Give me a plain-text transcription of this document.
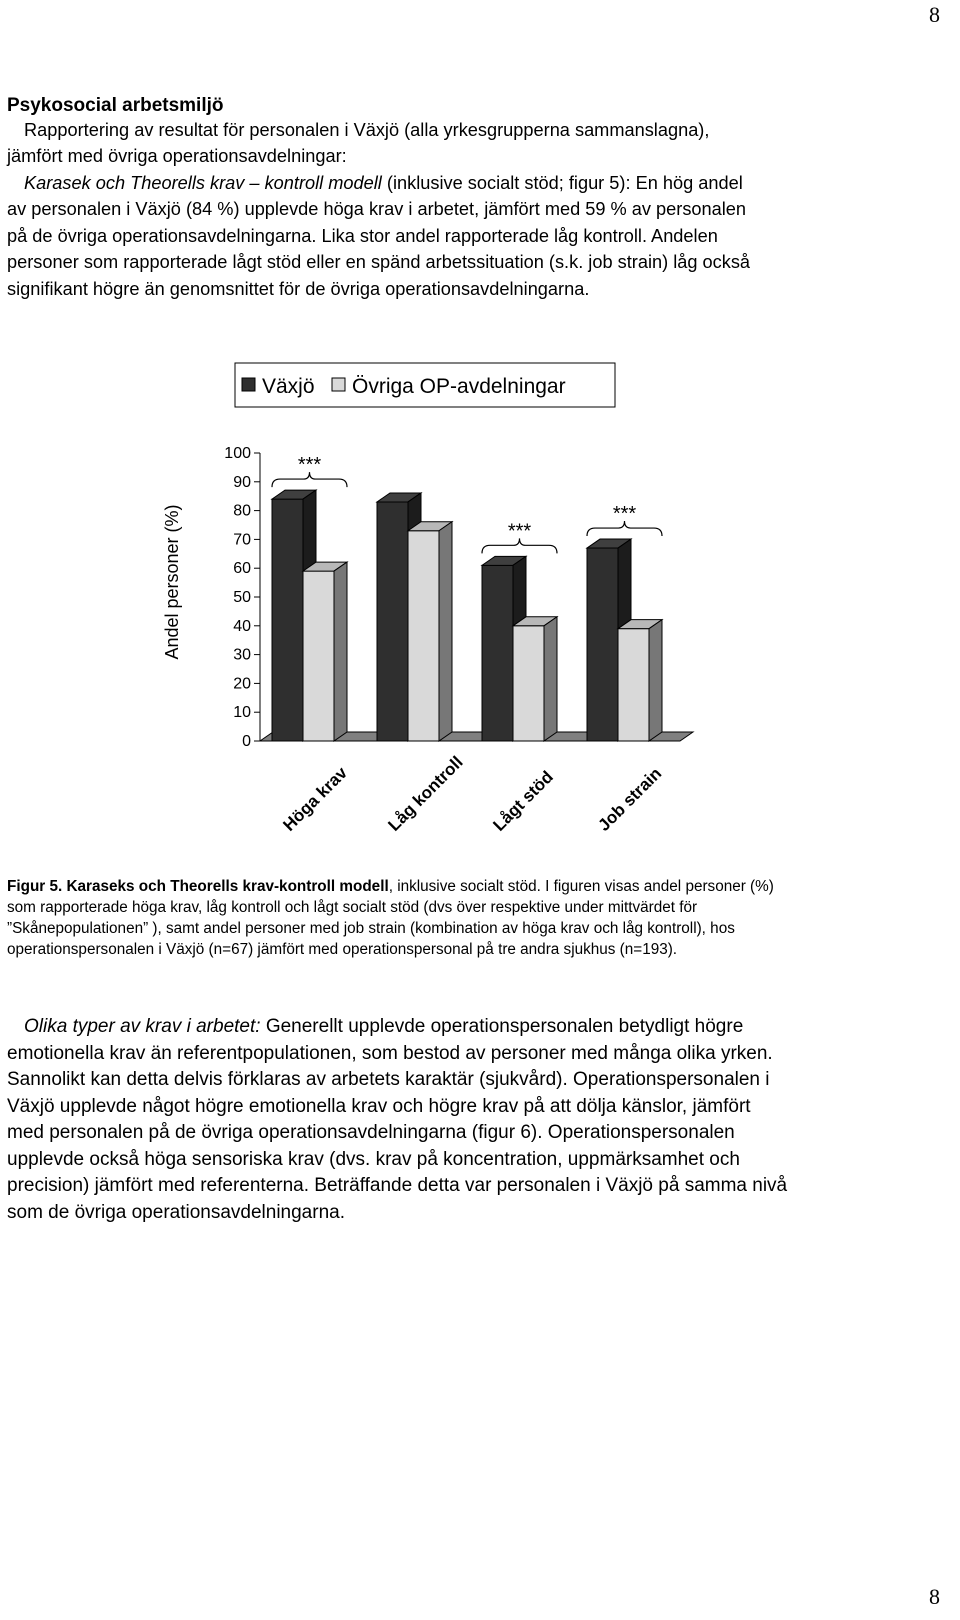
8
Psykosocial arbetsmiljö
Rapportering av resultat för personalen i Växjö (alla yrkesgrupperna sammanslagna),
jämfört med övriga operationsavdelningar:
Karasek och Theorells krav – kontroll modell (inklusive socialt stöd; figur 5): En hög andel
av personalen i Växjö (84 %) upplevde höga krav i arbetet, jämfört med 59 % av personalen
på de övriga operationsavdelningarna. Lika stor andel rapporterade låg kontroll. Andelen
personer som rapporterade lågt stöd eller en spänd arbetssituation (s.k. job strain) låg också
signifikant högre än genomsnittet för de övriga operationsavdelningarna.
0
10
20
30
40
50
60
70
80
90
100
Andel personer (%)
Höga krav Låg kontroll Lågt stöd Job strain
***
***
***
Växjö Övriga OP-avdelningar
Figur 5. Karaseks och Theorells krav-kontroll modell, inklusive socialt stöd. I figuren visas andel personer (%)
som rapporterade höga krav, låg kontroll och lågt socialt stöd (dvs över respektive under mittvärdet för
”Skånepopulationen” ), samt andel personer med job strain (kombination av höga krav och låg kontroll), hos
operationspersonalen i Växjö (n=67) jämfört med operationspersonal på tre andra sjukhus (n=193).
Olika typer av krav i arbetet: Generellt upplevde operationspersonalen betydligt högre
emotionella krav än referentpopulationen, som bestod av personer med många olika yrken.
Sannolikt kan detta delvis förklaras av arbetets karaktär (sjukvård). Operationspersonalen i
Växjö upplevde något högre emotionella krav och högre krav på att dölja känslor, jämfört
med personalen på de övriga operationsavdelningarna (figur 6). Operationspersonalen
upplevde också höga sensoriska krav (dvs. krav på koncentration, uppmärksamhet och
precision) jämfört med referenterna. Beträffande detta var personalen i Växjö på samma nivå
som de övriga operationsavdelningarna.
8
